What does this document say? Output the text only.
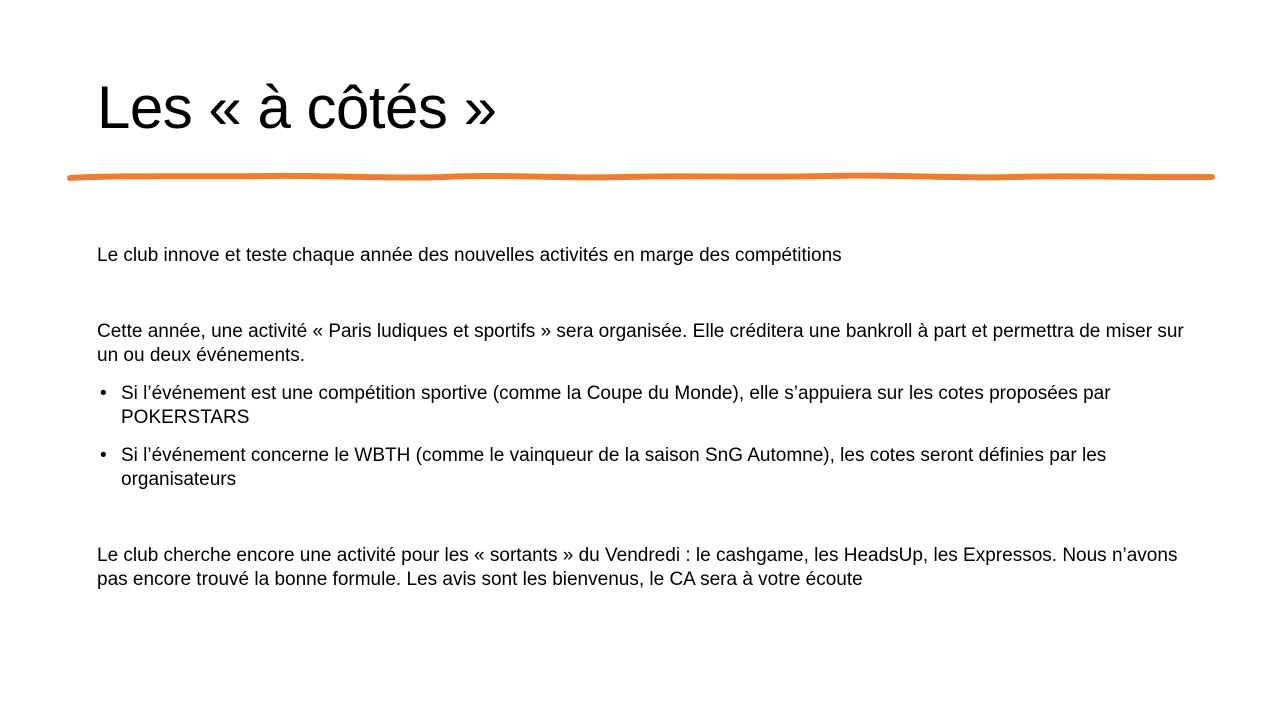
Les « à côtés »

Le club innove et teste chaque année des nouvelles activités en marge des compétitions

Cette année, une activité « Paris ludiques et sportifs » sera organisée. Elle créditera une bankroll à part et permettra de miser sur un ou deux événements.

• Si l’événement est une compétition sportive (comme la Coupe du Monde), elle s’appuiera sur les cotes proposées par POKERSTARS
• Si l’événement concerne le WBTH (comme le vainqueur de la saison SnG Automne), les cotes seront définies par les organisateurs

Le club cherche encore une activité pour les « sortants » du Vendredi : le cashgame, les HeadsUp, les Expressos. Nous n’avons pas encore trouvé la bonne formule. Les avis sont les bienvenus, le CA sera à votre écoute
